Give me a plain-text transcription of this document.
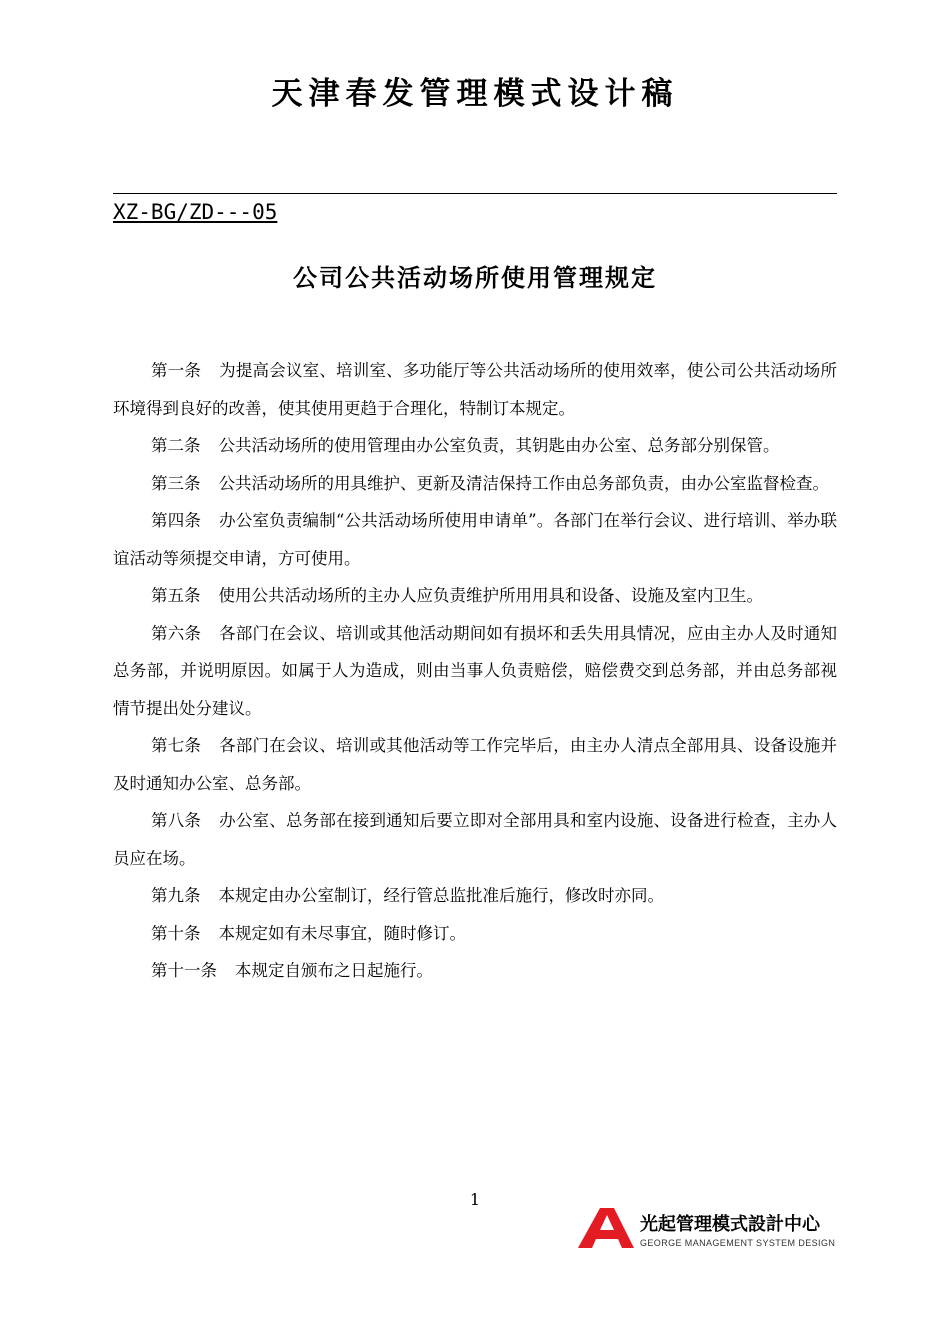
天津春发管理模式设计稿
XZ-BG/ZD---05
公司公共活动场所使用管理规定

第一条 为提高会议室、培训室、多功能厅等公共活动场所的使用效率，使公司公共活动场所环境得到良好的改善，使其使用更趋于合理化，特制订本规定。

第二条 公共活动场所的使用管理由办公室负责，其钥匙由办公室、总务部分别保管。

第三条 公共活动场所的用具维护、更新及清洁保持工作由总务部负责，由办公室监督检查。

第四条 办公室负责编制“公共活动场所使用申请单”。各部门在举行会议、进行培训、举办联谊活动等须提交申请，方可使用。

第五条 使用公共活动场所的主办人应负责维护所用用具和设备、设施及室内卫生。

第六条 各部门在会议、培训或其他活动期间如有损坏和丢失用具情况，应由主办人及时通知总务部，并说明原因。如属于人为造成，则由当事人负责赔偿，赔偿费交到总务部，并由总务部视情节提出处分建议。

第七条 各部门在会议、培训或其他活动等工作完毕后，由主办人清点全部用具、设备设施并及时通知办公室、总务部。

第八条 办公室、总务部在接到通知后要立即对全部用具和室内设施、设备进行检查，主办人员应在场。

第九条 本规定由办公室制订，经行管总监批准后施行，修改时亦同。

第十条 本规定如有未尽事宜，随时修订。

第十一条 本规定自颁布之日起施行。

1
光起管理模式設計中心
GEORGE MANAGEMENT SYSTEM DESIGN
